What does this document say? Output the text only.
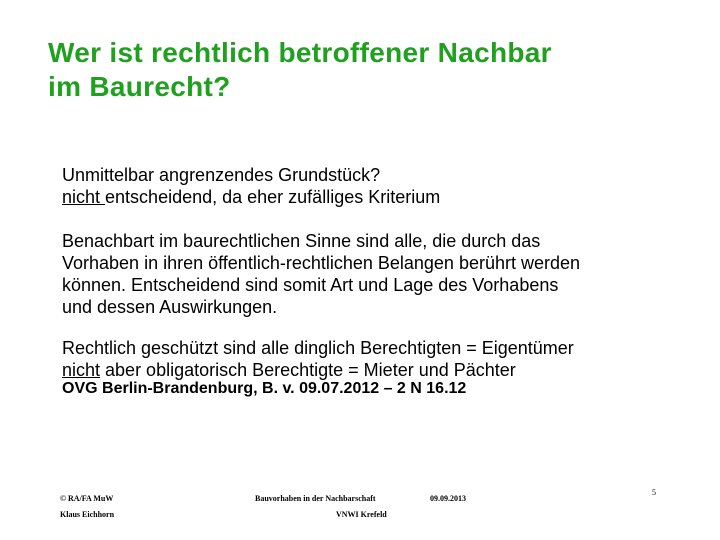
Wer ist rechtlich betroffener Nachbar
im Baurecht?
Unmittelbar angrenzendes Grundstück?
nicht entscheidend, da eher zufälliges Kriterium
Benachbart im baurechtlichen Sinne sind alle, die durch das
Vorhaben in ihren öffentlich-rechtlichen Belangen berührt werden
können. Entscheidend sind somit Art und Lage des Vorhabens
und dessen Auswirkungen.
Rechtlich geschützt sind alle dinglich Berechtigten = Eigentümer
nicht aber obligatorisch Berechtigte = Mieter und Pächter
OVG Berlin-Brandenburg, B. v. 09.07.2012 – 2 N 16.12
© RA/FA MuW
Klaus Eichhorn
Bauvorhaben in der Nachbarschaft
VNWI Krefeld
09.09.2013
5
